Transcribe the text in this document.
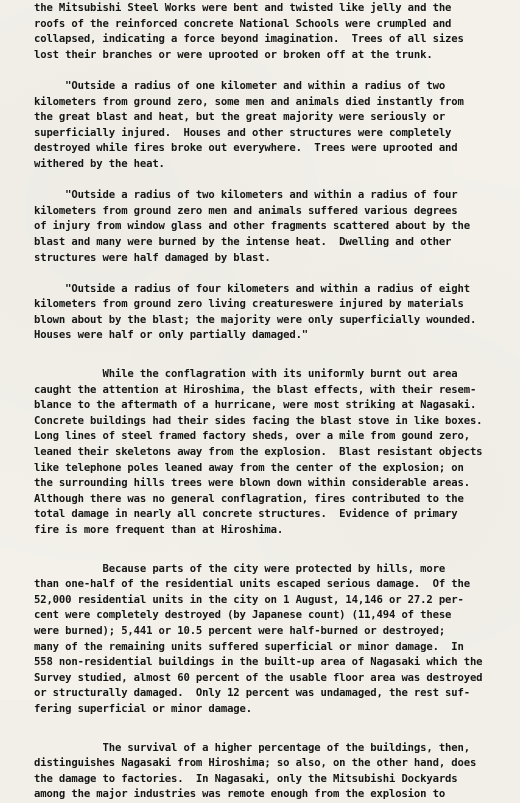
the Mitsubishi Steel Works were bent and twisted like jelly and the
roofs of the reinforced concrete National Schools were crumpled and
collapsed, indicating a force beyond imagination.  Trees of all sizes
lost their branches or were uprooted or broken off at the trunk.
"Outside a radius of one kilometer and within a radius of two
kilometers from ground zero, some men and animals died instantly from
the great blast and heat, but the great majority were seriously or
superficially injured.  Houses and other structures were completely
destroyed while fires broke out everywhere.  Trees were uprooted and
withered by the heat.
"Outside a radius of two kilometers and within a radius of four
kilometers from ground zero men and animals suffered various degrees
of injury from window glass and other fragments scattered about by the
blast and many were burned by the intense heat.  Dwelling and other
structures were half damaged by blast.
"Outside a radius of four kilometers and within a radius of eight
kilometers from ground zero living creatureswere injured by materials
blown about by the blast; the majority were only superficially wounded.
Houses were half or only partially damaged."
While the conflagration with its uniformly burnt out area
caught the attention at Hiroshima, the blast effects, with their resem-
blance to the aftermath of a hurricane, were most striking at Nagasaki.
Concrete buildings had their sides facing the blast stove in like boxes.
Long lines of steel framed factory sheds, over a mile from gound zero,
leaned their skeletons away from the explosion.  Blast resistant objects
like telephone poles leaned away from the center of the explosion; on
the surrounding hills trees were blown down within considerable areas.
Although there was no general conflagration, fires contributed to the
total damage in nearly all concrete structures.  Evidence of primary
fire is more frequent than at Hiroshima.
Because parts of the city were protected by hills, more
than one-half of the residential units escaped serious damage.  Of the
52,000 residential units in the city on 1 August, 14,146 or 27.2 per-
cent were completely destroyed (by Japanese count) (11,494 of these
were burned); 5,441 or 10.5 percent were half-burned or destroyed;
many of the remaining units suffered superficial or minor damage.  In
558 non-residential buildings in the built-up area of Nagasaki which the
Survey studied, almost 60 percent of the usable floor area was destroyed
or structurally damaged.  Only 12 percent was undamaged, the rest suf-
fering superficial or minor damage.
The survival of a higher percentage of the buildings, then,
distinguishes Nagasaki from Hiroshima; so also, on the other hand, does
the damage to factories.  In Nagasaki, only the Mitsubishi Dockyards
among the major industries was remote enough from the explosion to
